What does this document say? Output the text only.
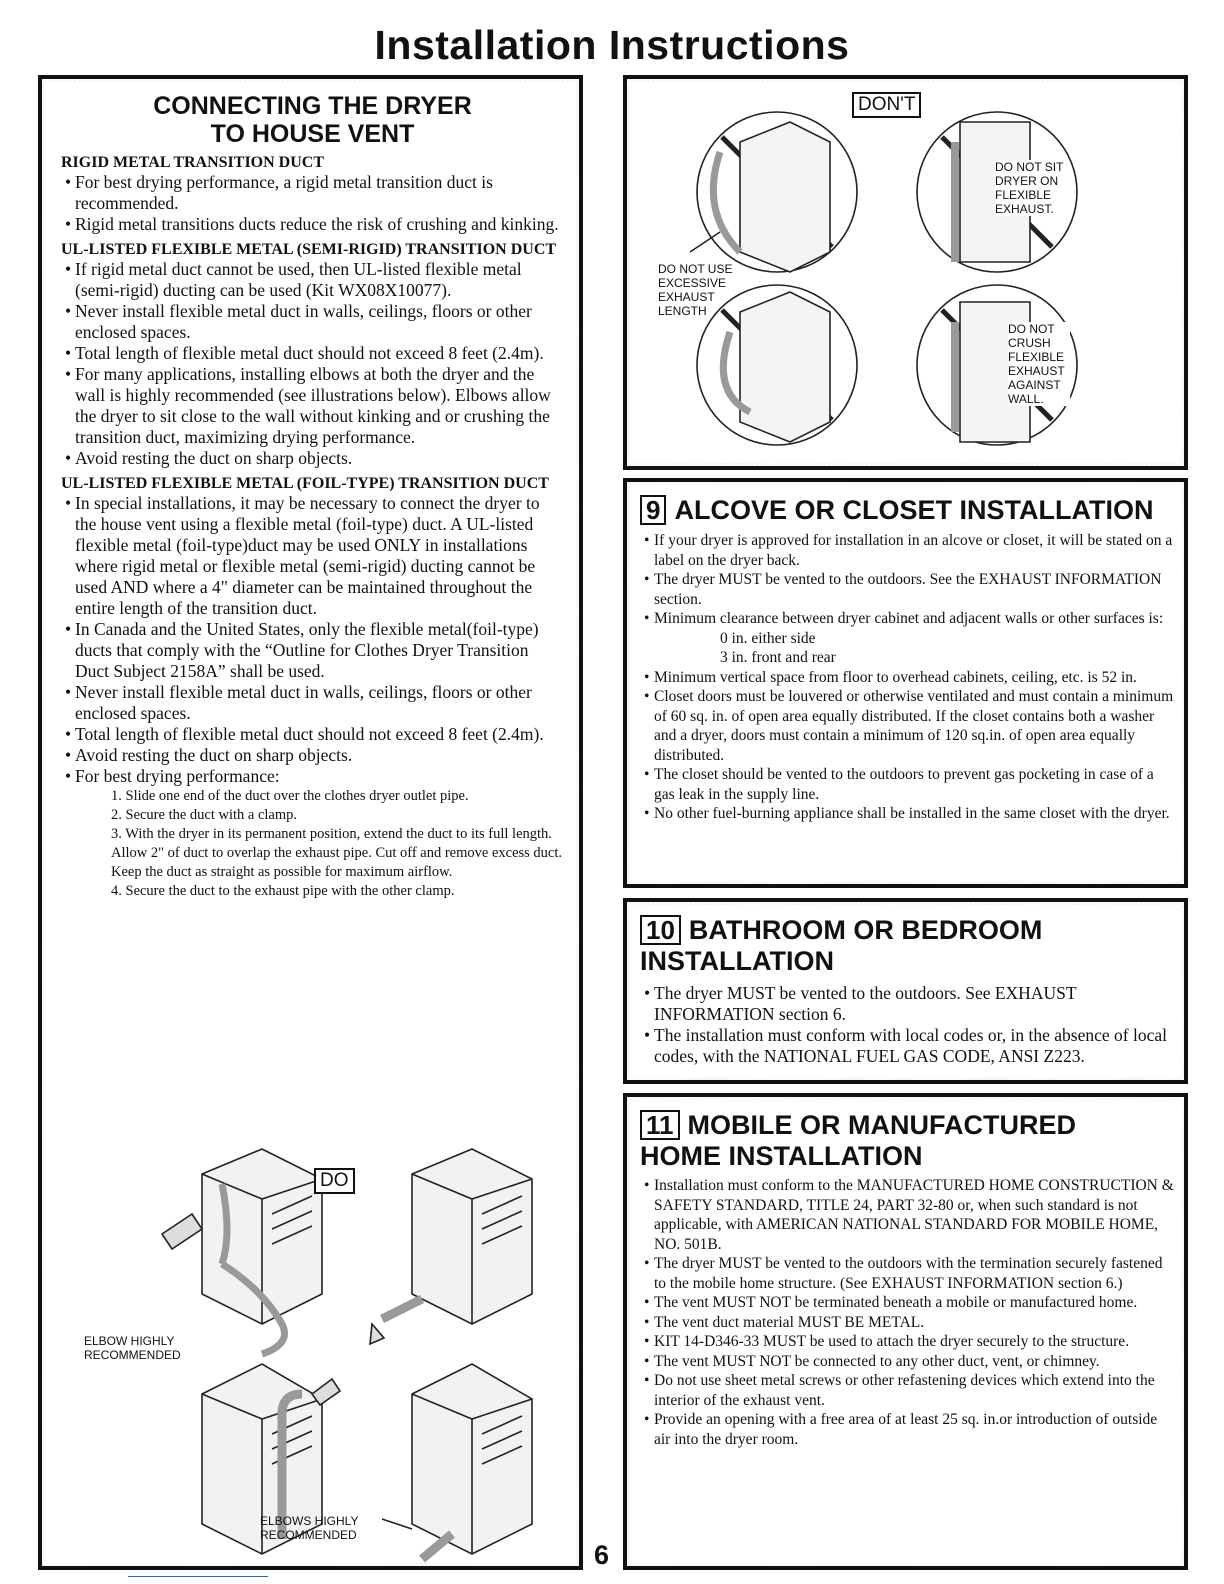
Installation Instructions
CONNECTING THE DRYER
TO HOUSE VENT

RIGID METAL TRANSITION DUCT

• For best drying performance, a rigid metal transition duct is recommended.
• Rigid metal transitions ducts reduce the risk of crushing and kinking.

UL-LISTED FLEXIBLE METAL (SEMI-RIGID) TRANSITION DUCT

• If rigid metal duct cannot be used, then UL-listed flexible metal (semi-rigid) ducting can be used (Kit WX08X10077).
• Never install flexible metal duct in walls, ceilings, floors or other enclosed spaces.
• Total length of flexible metal duct should not exceed 8 feet (2.4m).
• For many applications, installing elbows at both the dryer and the wall is highly recommended (see illustrations below). Elbows allow the dryer to sit close to the wall without kinking and or crushing the transition duct, maximizing drying performance.
• Avoid resting the duct on sharp objects.

UL-LISTED FLEXIBLE METAL (FOIL-TYPE) TRANSITION DUCT

• In special installations, it may be necessary to connect the dryer to the house vent using a flexible metal (foil-type) duct. A UL-listed flexible metal (foil-type)duct may be used ONLY in installations where rigid metal or flexible metal (semi-rigid) ducting cannot be used AND where a 4" diameter can be maintained throughout the entire length of the transition duct.
• In Canada and the United States, only the flexible metal(foil-type) ducts that comply with the “Outline for Clothes Dryer Transition Duct Subject 2158A” shall be used.
• Never install flexible metal duct in walls, ceilings, floors or other enclosed spaces.
• Total length of flexible metal duct should not exceed 8 feet (2.4m).
• Avoid resting the duct on sharp objects.
• For best drying performance:
1. Slide one end of the duct over the clothes dryer outlet pipe.
2. Secure the duct with a clamp.
3. With the dryer in its permanent position, extend the duct to its full length. Allow 2" of duct to overlap the exhaust pipe. Cut off and remove excess duct. Keep the duct as straight as possible for maximum airflow.
4. Secure the duct to the exhaust pipe with the other clamp.
DO
ELBOW HIGHLY RECOMMENDED
ELBOWS HIGHLY RECOMMENDED
DON'T
DO NOT USE EXCESSIVE EXHAUST LENGTH
DO NOT SIT DRYER ON FLEXIBLE EXHAUST.
DO NOT CRUSH FLEXIBLE EXHAUST AGAINST WALL.
9 ALCOVE OR CLOSET INSTALLATION
• If your dryer is approved for installation in an alcove or closet, it will be stated on a label on the dryer back.
• The dryer MUST be vented to the outdoors. See the EXHAUST INFORMATION section.
• Minimum clearance between dryer cabinet and adjacent walls or other surfaces is:
0 in. either side
3 in. front and rear
• Minimum vertical space from floor to overhead cabinets, ceiling, etc. is 52 in.
• Closet doors must be louvered or otherwise ventilated and must contain a minimum of 60 sq. in. of open area equally distributed. If the closet contains both a washer and a dryer, doors must contain a minimum of 120 sq.in. of open area equally distributed.
• The closet should be vented to the outdoors to prevent gas pocketing in case of a gas leak in the supply line.
• No other fuel-burning appliance shall be installed in the same closet with the dryer.
10 BATHROOM OR BEDROOM
INSTALLATION
• The dryer MUST be vented to the outdoors. See EXHAUST INFORMATION section 6.
• The installation must conform with local codes or, in the absence of local codes, with the NATIONAL FUEL GAS CODE, ANSI Z223.
11 MOBILE OR MANUFACTURED
HOME INSTALLATION
• Installation must conform to the MANUFACTURED HOME CONSTRUCTION & SAFETY STANDARD, TITLE 24, PART 32-80 or, when such standard is not applicable, with AMERICAN NATIONAL STANDARD FOR MOBILE HOME, NO. 501B.
• The dryer MUST be vented to the outdoors with the termination securely fastened to the mobile home structure. (See EXHAUST INFORMATION section 6.)
• The vent MUST NOT be terminated beneath a mobile or manufactured home.
• The vent duct material MUST BE METAL.
• KIT 14-D346-33 MUST be used to attach the dryer securely to the structure.
• The vent MUST NOT be connected to any other duct, vent, or chimney.
• Do not use sheet metal screws or other refastening devices which extend into the interior of the exhaust vent.
• Provide an opening with a free area of at least 25 sq. in.or introduction of outside air into the dryer room.
6
